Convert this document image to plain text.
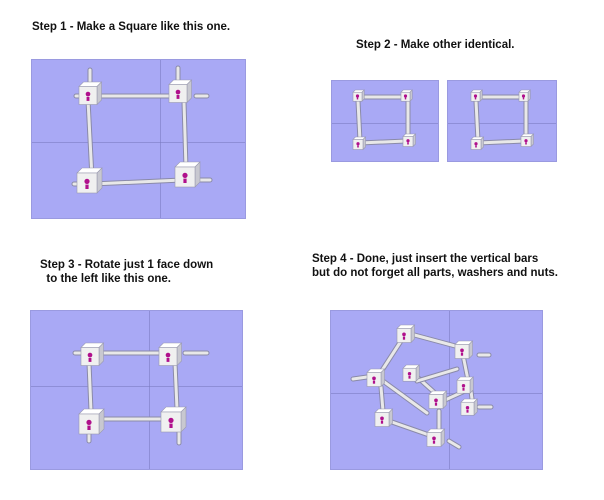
Step 1 - Make a Square like this one.
Step 2 - Make other identical.
Step 3 - Rotate just 1 face down
to the left like this one.
Step 4 - Done, just insert the vertical bars
but do not forget all parts, washers and nuts.
